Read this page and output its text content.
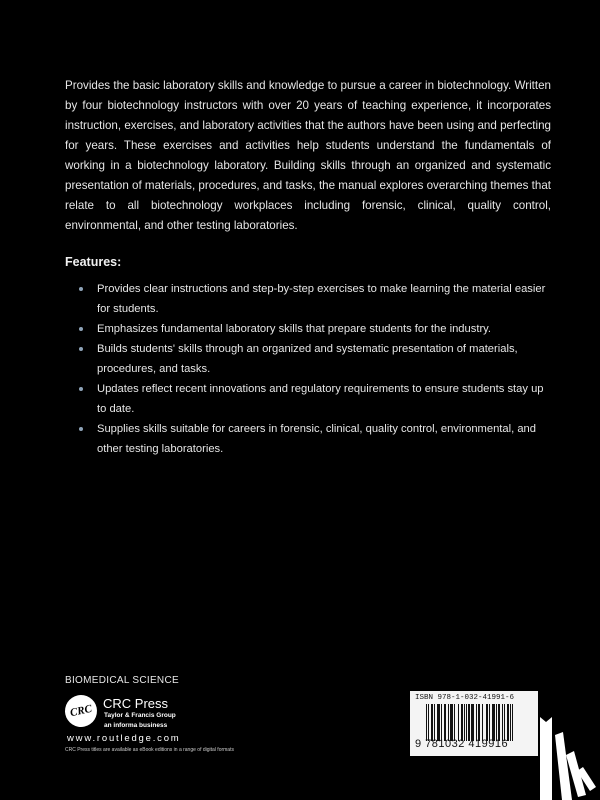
Provides the basic laboratory skills and knowledge to pursue a career in biotechnology. Written by four biotechnology instructors with over 20 years of teaching experience, it incorporates instruction, exercises, and laboratory activities that the authors have been using and perfecting for years. These exercises and activities help students understand the fundamentals of working in a biotechnology laboratory. Building skills through an organized and systematic presentation of materials, procedures, and tasks, the manual explores overarching themes that relate to all biotechnology workplaces including forensic, clinical, quality control, environmental, and other testing laboratories.

Features:
Provides clear instructions and step-by-step exercises to make learning the material easier for students.
Emphasizes fundamental laboratory skills that prepare students for the industry.
Builds students' skills through an organized and systematic presentation of materials, procedures, and tasks.
Updates reflect recent innovations and regulatory requirements to ensure students stay up to date.
Supplies skills suitable for careers in forensic, clinical, quality control, environmental, and other testing laboratories.
BIOMEDICAL SCIENCE
CRC CRC Press
Taylor & Francis Group
an informa business
www.routledge.com
CRC Press titles are available as eBook editions in a range of digital formats
ISBN 978-1-032-41991-6
9 781032 419916
